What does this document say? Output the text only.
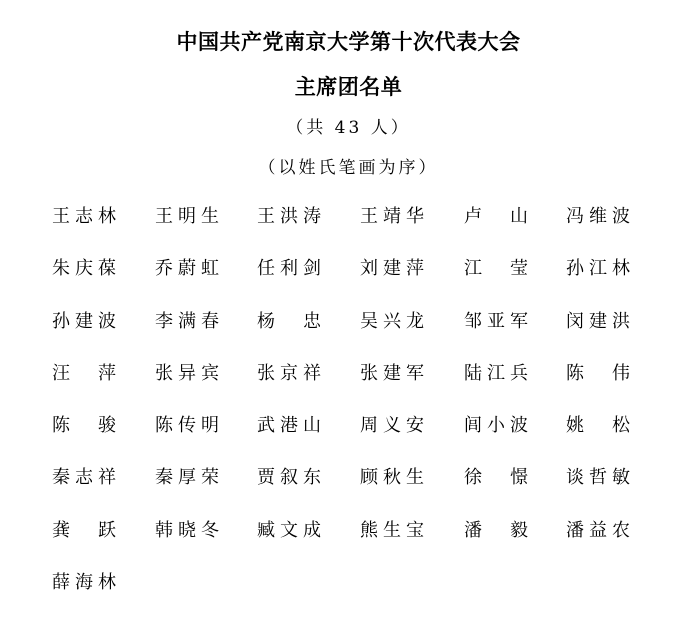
中国共产党南京大学第十次代表大会
主席团名单
（共 43 人）
（以姓氏笔画为序）
王志林 王明生 王洪涛 王靖华 卢　山 冯维波
朱庆葆 乔蔚虹 任利剑 刘建萍 江　莹 孙江林
孙建波 李满春 杨　忠 吴兴龙 邹亚军 闵建洪
汪　萍 张异宾 张京祥 张建军 陆江兵 陈　伟
陈　骏 陈传明 武港山 周义安 闾小波 姚　松
秦志祥 秦厚荣 贾叙东 顾秋生 徐　憬 谈哲敏
龚　跃 韩晓冬 臧文成 熊生宝 潘　毅 潘益农
薛海林
